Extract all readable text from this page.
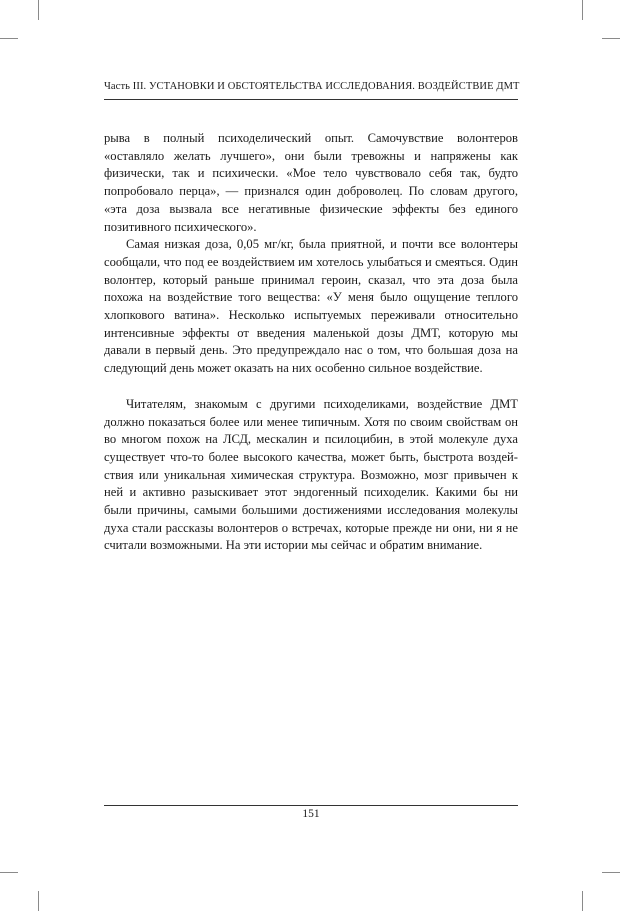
Часть III. УСТАНОВКИ И ОБСТОЯТЕЛЬСТВА ИССЛЕДОВАНИЯ. ВОЗДЕЙСТВИЕ ДМТ

рыва в полный психоделический опыт. Самочувствие волонтеров «оставляло желать лучшего», они были тревожны и напряжены как физически, так и психически. «Мое тело чувствовало себя так, будто попробовало перца», — признался один доброволец. По словам другого, «эта доза вызвала все негативные физические эффекты без единого позитивного психического».

Самая низкая доза, 0,05 мг/кг, была приятной, и почти все волонтеры сообщали, что под ее воздействием им хотелось улыбаться и смеяться. Один волонтер, который раньше принимал героин, сказал, что эта доза была похожа на воздействие того вещества: «У меня было ощущение теплого хлопкового ватина». Несколько испытуемых переживали относительно интенсивные эффекты от введения маленькой дозы ДМТ, которую мы давали в первый день. Это предупреждало нас о том, что большая доза на следующий день может оказать на них особенно сильное воздействие.

Читателям, знакомым с другими психоделиками, воздействие ДМТ должно показаться более или менее типичным. Хотя по своим свойствам он во многом похож на ЛСД, мескалин и псилоцибин, в этой молекуле духа существует что-то более высокого качества, может быть, быстрота воздействия или уникальная химическая структура. Возможно, мозг привычен к ней и активно разыскивает этот эндогенный психоделик. Какими бы ни были причины, самыми большими достижениями исследования молекулы духа стали рассказы волонтеров о встречах, которые прежде ни они, ни я не считали возможными. На эти истории мы сейчас и обратим внимание.

151
